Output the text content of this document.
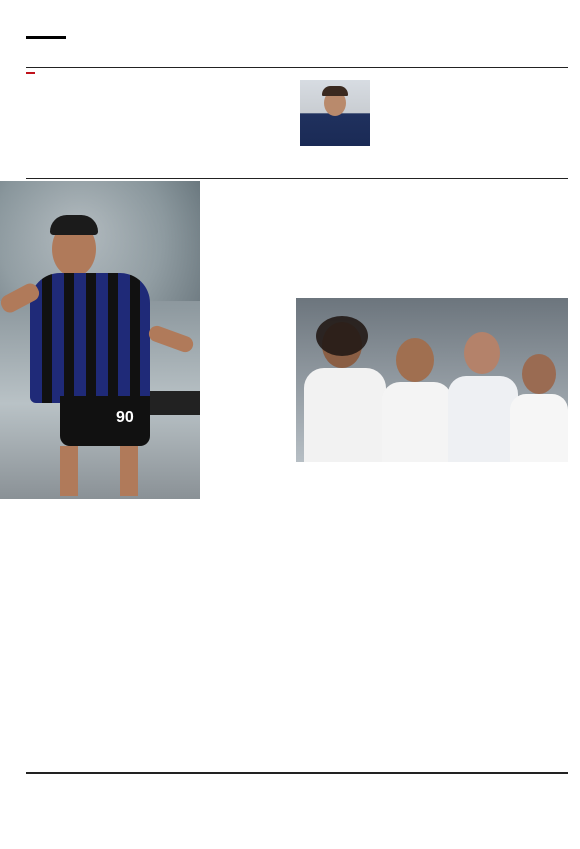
90
